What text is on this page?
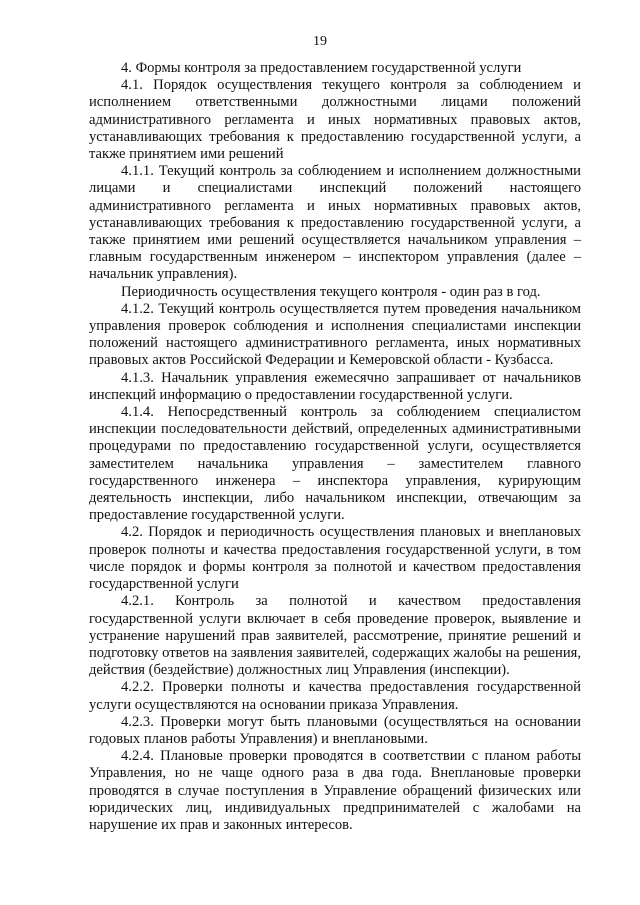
19

4. Формы контроля за предоставлением государственной услуги

4.1. Порядок осуществления текущего контроля за соблюдением и исполнением ответственными должностными лицами положений административного регламента и иных нормативных правовых актов, устанавливающих требования к предоставлению государственной услуги, а также принятием ими решений

4.1.1. Текущий контроль за соблюдением и исполнением должностными лицами и специалистами инспекций положений настоящего административного регламента и иных нормативных правовых актов, устанавливающих требования к предоставлению государственной услуги, а также принятием ими решений осуществляется начальником управления – главным государственным инженером – инспектором управления (далее – начальник управления).

Периодичность осуществления текущего контроля - один раз в год.

4.1.2. Текущий контроль осуществляется путем проведения начальником управления проверок соблюдения и исполнения специалистами инспекции положений настоящего административного регламента, иных нормативных правовых актов Российской Федерации и Кемеровской области - Кузбасса.

4.1.3. Начальник управления ежемесячно запрашивает от начальников инспекций информацию о предоставлении государственной услуги.

4.1.4. Непосредственный контроль за соблюдением специалистом инспекции последовательности действий, определенных административными процедурами по предоставлению государственной услуги, осуществляется заместителем начальника управления – заместителем главного государственного инженера – инспектора управления, курирующим деятельность инспекции, либо начальником инспекции, отвечающим за предоставление государственной услуги.

4.2. Порядок и периодичность осуществления плановых и внеплановых проверок полноты и качества предоставления государственной услуги, в том числе порядок и формы контроля за полнотой и качеством предоставления государственной услуги

4.2.1. Контроль за полнотой и качеством предоставления государственной услуги включает в себя проведение проверок, выявление и устранение нарушений прав заявителей, рассмотрение, принятие решений и подготовку ответов на заявления заявителей, содержащих жалобы на решения, действия (бездействие) должностных лиц Управления (инспекции).

4.2.2. Проверки полноты и качества предоставления государственной услуги осуществляются на основании приказа Управления.

4.2.3. Проверки могут быть плановыми (осуществляться на основании годовых планов работы Управления) и внеплановыми.

4.2.4. Плановые проверки проводятся в соответствии с планом работы Управления, но не чаще одного раза в два года. Внеплановые проверки проводятся в случае поступления в Управление обращений физических или юридических лиц, индивидуальных предпринимателей с жалобами на нарушение их прав и законных интересов.
